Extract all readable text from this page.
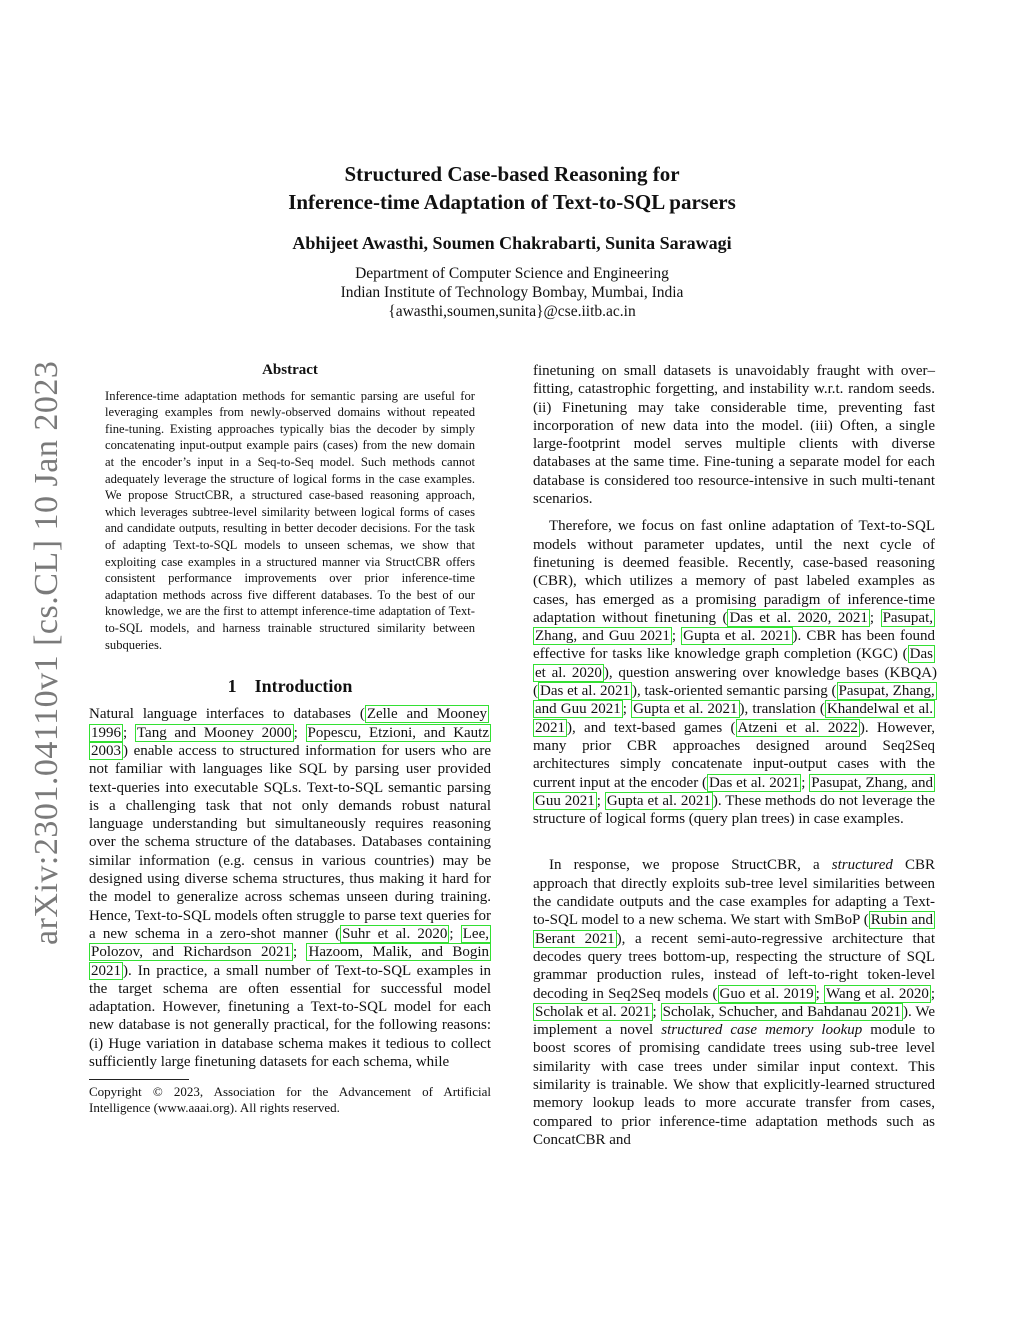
arXiv:2301.04110v1 [cs.CL] 10 Jan 2023
Structured Case-based Reasoning for
Inference-time Adaptation of Text-to-SQL parsers
Abhijeet Awasthi, Soumen Chakrabarti, Sunita Sarawagi
Department of Computer Science and Engineering
Indian Institute of Technology Bombay, Mumbai, India
{awasthi,soumen,sunita}@cse.iitb.ac.in
Abstract

Inference-time adaptation methods for semantic parsing are useful for leveraging examples from newly-observed domains without repeated fine-tuning. Existing approaches typically bias the decoder by simply concatenating input-output example pairs (cases) from the new domain at the encoder’s input in a Seq-to-Seq model. Such methods cannot adequately leverage the structure of logical forms in the case examples. We propose StructCBR, a structured case-based reasoning approach, which leverages subtree-level similarity between logical forms of cases and candidate outputs, resulting in better decoder decisions. For the task of adapting Text-to-SQL models to unseen schemas, we show that exploiting case examples in a structured manner via StructCBR offers consistent performance improvements over prior inference-time adaptation methods across five different databases. To the best of our knowledge, we are the first to attempt inference-time adaptation of Text-to-SQL models, and harness trainable structured similarity between subqueries.

1 Introduction

Natural language interfaces to databases ( Zelle and Mooney 1996 ; Tang and Mooney 2000 ; Popescu, Etzioni, and Kautz 2003 ) enable access to structured information for users who are not familiar with languages like SQL by parsing user provided text-queries into executable SQLs. Text-to-SQL semantic parsing is a challenging task that not only demands robust natural language understanding but simultaneously requires reasoning over the schema structure of the databases. Databases containing similar information (e.g. census in various countries) may be designed using diverse schema structures, thus making it hard for the model to generalize across schemas unseen during training. Hence, Text-to-SQL models often struggle to parse text queries for a new schema in a zero-shot manner ( Suhr et al. 2020 ; Lee, Polozov, and Richardson 2021 ; Hazoom, Malik, and Bogin 2021 ). In practice, a small number of Text-to-SQL examples in the target schema are often essential for successful model adaptation. However, finetuning a Text-to-SQL model for each new database is not generally practical, for the following reasons: (i) Huge variation in database schema makes it tedious to collect sufficiently large finetuning datasets for each schema, while

Copyright © 2023, Association for the Advancement of Artificial Intelligence (www.aaai.org). All rights reserved.

finetuning on small datasets is unavoidably fraught with over–fitting, catastrophic forgetting, and instability w.r.t. random seeds. (ii) Finetuning may take considerable time, preventing fast incorporation of new data into the model. (iii) Often, a single large-footprint model serves multiple clients with diverse databases at the same time. Fine-tuning a separate model for each database is considered too resource-intensive in such multi-tenant scenarios.

Therefore, we focus on fast online adaptation of Text-to-SQL models without parameter updates, until the next cycle of finetuning is deemed feasible. Recently, case-based reasoning (CBR), which utilizes a memory of past labeled examples as cases, has emerged as a promising paradigm of inference-time adaptation without finetuning ( Das et al. 2020, 2021 ; Pasupat, Zhang, and Guu 2021 ; Gupta et al. 2021 ). CBR has been found effective for tasks like knowledge graph completion (KGC) ( Das et al. 2020 ), question answering over knowledge bases (KBQA) ( Das et al. 2021 ), task-oriented semantic parsing ( Pasupat, Zhang, and Guu 2021 ; Gupta et al. 2021 ), translation ( Khandelwal et al. 2021 ), and text-based games ( Atzeni et al. 2022 ). However, many prior CBR approaches designed around Seq2Seq architectures simply concatenate input-output cases with the current input at the encoder ( Das et al. 2021 ; Pasupat, Zhang, and Guu 2021 ; Gupta et al. 2021 ). These methods do not leverage the structure of logical forms (query plan trees) in case examples.

In response, we propose StructCBR, a structured CBR approach that directly exploits sub-tree level similarities between the candidate outputs and the case examples for adapting a Text-to-SQL model to a new schema. We start with SmBoP ( Rubin and Berant 2021 ), a recent semi-auto-regressive architecture that decodes query trees bottom-up, respecting the structure of SQL grammar production rules, instead of left-to-right token-level decoding in Seq2Seq models ( Guo et al. 2019 ; Wang et al. 2020 ; Scholak et al. 2021 ; Scholak, Schucher, and Bahdanau 2021 ). We implement a novel structured case memory lookup module to boost scores of promising candidate trees using sub-tree level similarity with case trees under similar input context. This similarity is trainable. We show that explicitly-learned structured memory lookup leads to more accurate transfer from cases, compared to prior inference-time adaptation methods such as ConcatCBR and
